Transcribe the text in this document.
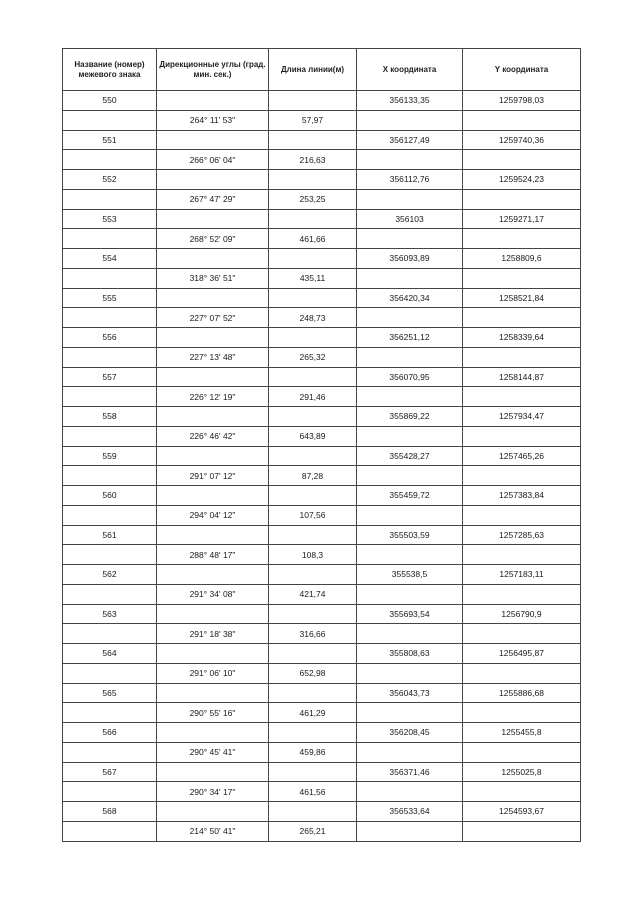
Название (номер) межевого знака	Дирекционные углы (град. мин. сек.)	Длина линии(м)	X координата	Y координата
550			356133,35	1259798,03
	264° 11' 53"	57,97		
551			356127,49	1259740,36
	266° 06' 04"	216,63		
552			356112,76	1259524,23
	267° 47' 29"	253,25		
553			356103	1259271,17
	268° 52' 09"	461,66		
554			356093,89	1258809,6
	318° 36' 51"	435,11		
555			356420,34	1258521,84
	227° 07' 52"	248,73		
556			356251,12	1258339,64
	227° 13' 48"	265,32		
557			356070,95	1258144,87
	226° 12' 19"	291,46		
558			355869,22	1257934,47
	226° 46' 42"	643,89		
559			355428,27	1257465,26
	291° 07' 12"	87,28		
560			355459,72	1257383,84
	294° 04' 12"	107,56		
561			355503,59	1257285,63
	288° 48' 17"	108,3		
562			355538,5	1257183,11
	291° 34' 08"	421,74		
563			355693,54	1256790,9
	291° 18' 38"	316,66		
564			355808,63	1256495,87
	291° 06' 10"	652,98		
565			356043,73	1255886,68
	290° 55' 16"	461,29		
566			356208,45	1255455,8
	290° 45' 41"	459,86		
567			356371,46	1255025,8
	290° 34' 17"	461,56		
568			356533,64	1254593,67
	214° 50' 41"	265,21		
